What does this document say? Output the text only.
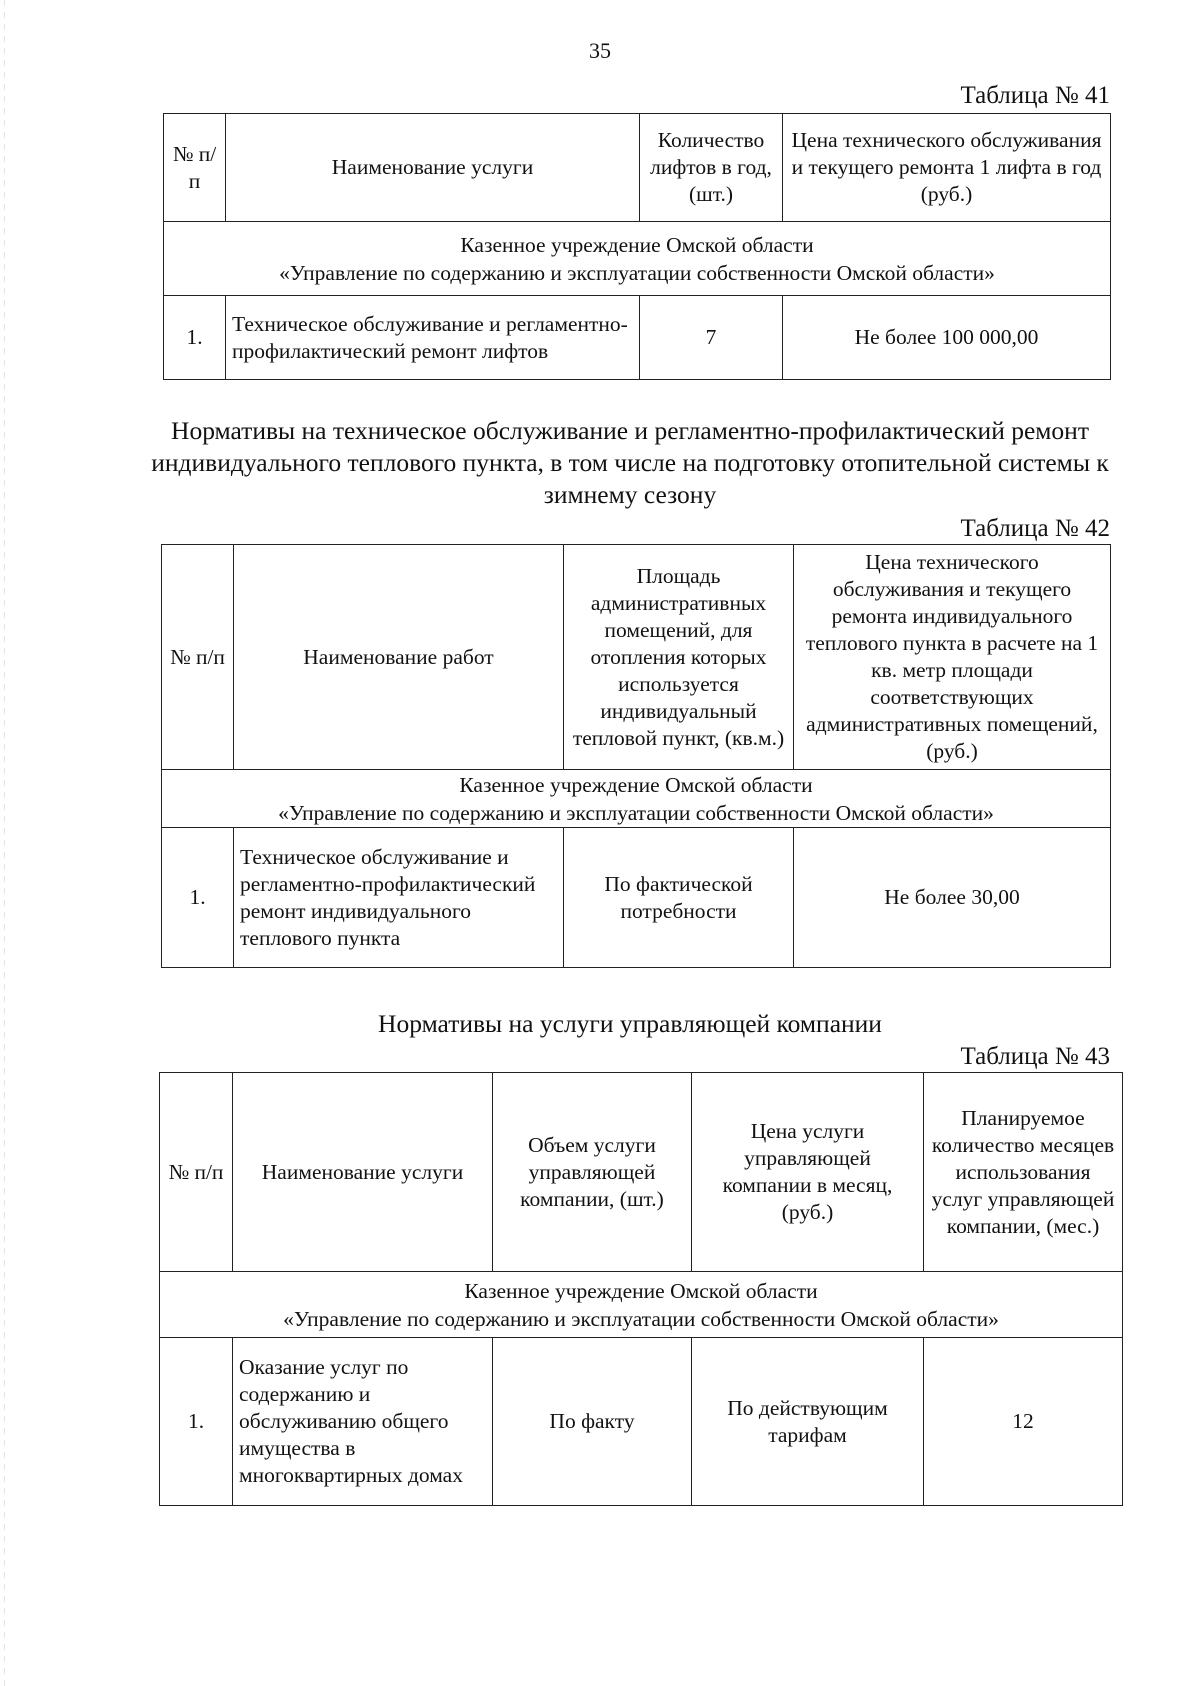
35
Таблица № 41
№ п/п	Наименование услуги	Количество лифтов в год, (шт.)	Цена технического обслуживания и текущего ремонта 1 лифта в год (руб.)

Казенное учреждение Омской области
«Управление по содержанию и эксплуатации собственности Омской области»			

1.	Техническое обслуживание и регламентно-профилактический ремонт лифтов	7	Не более 100 000,00
Нормативы на техническое обслуживание и регламентно-профилактический ремонт индивидуального теплового пункта, в том числе на подготовку отопительной системы к зимнему сезону
Таблица № 42
№ п/п	Наименование работ	Площадь административных помещений, для отопления которых используется индивидуальный тепловой пункт, (кв.м.)	Цена технического обслуживания и текущего ремонта индивидуального теплового пункта в расчете на 1 кв. метр площади соответствующих административных помещений, (руб.)

Казенное учреждение Омской области
«Управление по содержанию и эксплуатации собственности Омской области»			

1.	Техническое обслуживание и регламентно-профилактический ремонт индивидуального теплового пункта	По фактической потребности	Не более 30,00
Нормативы на услуги управляющей компании
Таблица № 43
№ п/п	Наименование услуги	Объем услуги управляющей компании, (шт.)	Цена услуги управляющей компании в месяц, (руб.)	Планируемое количество месяцев использования услуг управляющей компании, (мес.)

Казенное учреждение Омской области
«Управление по содержанию и эксплуатации собственности Омской области»				

1.	Оказание услуг по содержанию и обслуживанию общего имущества в многоквартирных домах	По факту	По действующим тарифам	12
